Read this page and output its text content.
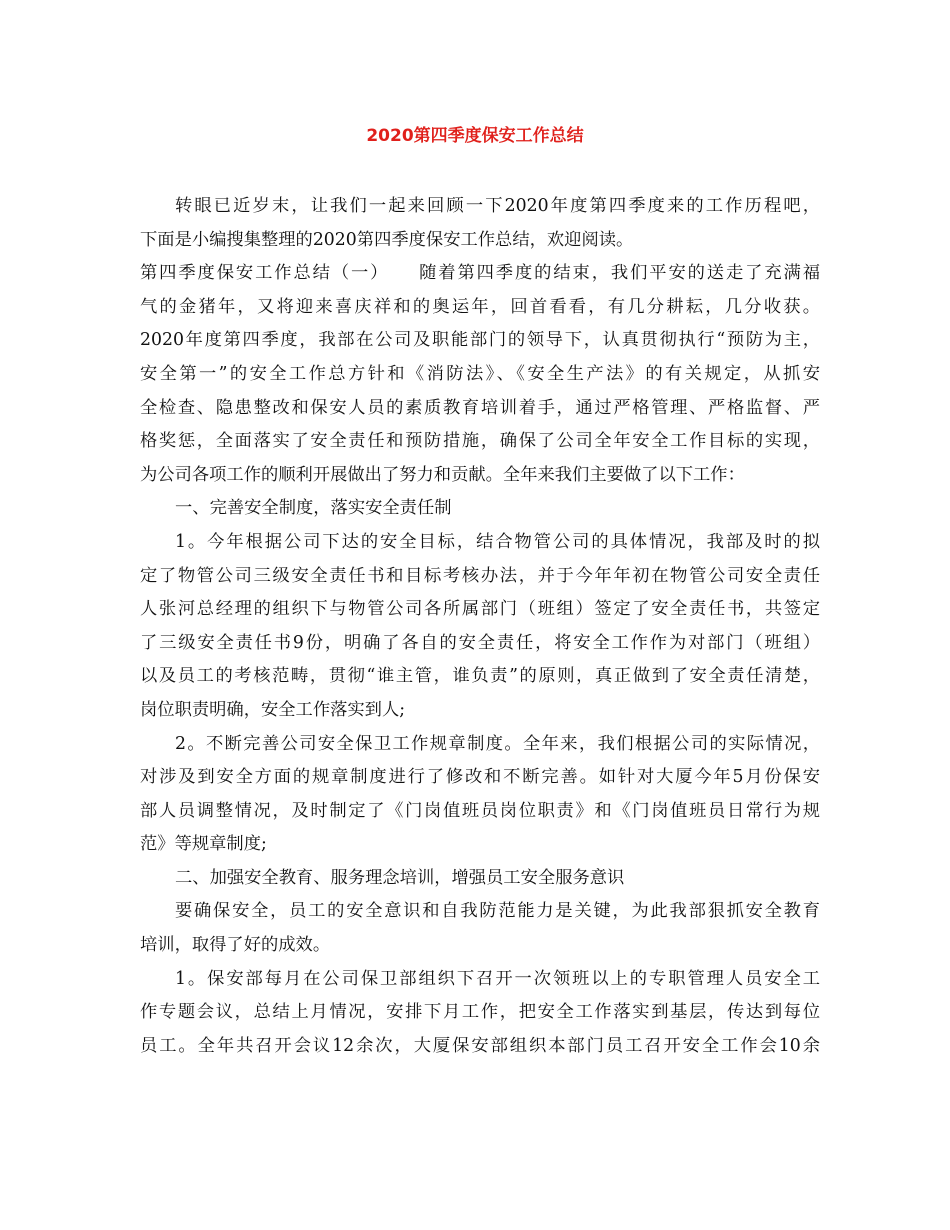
2020第四季度保安工作总结
转眼已近岁末，让我们一起来回顾一下2020年度第四季度来的工作历程吧，
下面是小编搜集整理的2020第四季度保安工作总结，欢迎阅读。
第四季度保安工作总结（一）　　随着第四季度的结束，我们平安的送走了充满福
气的金猪年，又将迎来喜庆祥和的奥运年，回首看看，有几分耕耘，几分收获。
2020年度第四季度，我部在公司及职能部门的领导下，认真贯彻执行“预防为主，
安全第一”的安全工作总方针和《消防法》、《安全生产法》的有关规定，从抓安
全检查、隐患整改和保安人员的素质教育培训着手，通过严格管理、严格监督、严
格奖惩，全面落实了安全责任和预防措施，确保了公司全年安全工作目标的实现，
为公司各项工作的顺利开展做出了努力和贡献。全年来我们主要做了以下工作：
一、完善安全制度，落实安全责任制
1。今年根据公司下达的安全目标，结合物管公司的具体情况，我部及时的拟
定了物管公司三级安全责任书和目标考核办法，并于今年年初在物管公司安全责任
人张河总经理的组织下与物管公司各所属部门（班组）签定了安全责任书，共签定
了三级安全责任书9份，明确了各自的安全责任，将安全工作作为对部门（班组）
以及员工的考核范畴，贯彻“谁主管，谁负责”的原则，真正做到了安全责任清楚，
岗位职责明确，安全工作落实到人;
2。不断完善公司安全保卫工作规章制度。全年来，我们根据公司的实际情况，
对涉及到安全方面的规章制度进行了修改和不断完善。如针对大厦今年5月份保安
部人员调整情况，及时制定了《门岗值班员岗位职责》和《门岗值班员日常行为规
范》等规章制度;
二、加强安全教育、服务理念培训，增强员工安全服务意识
要确保安全，员工的安全意识和自我防范能力是关键，为此我部狠抓安全教育
培训，取得了好的成效。
1。保安部每月在公司保卫部组织下召开一次领班以上的专职管理人员安全工
作专题会议，总结上月情况，安排下月工作，把安全工作落实到基层，传达到每位
员工。全年共召开会议12余次，大厦保安部组织本部门员工召开安全工作会10余
